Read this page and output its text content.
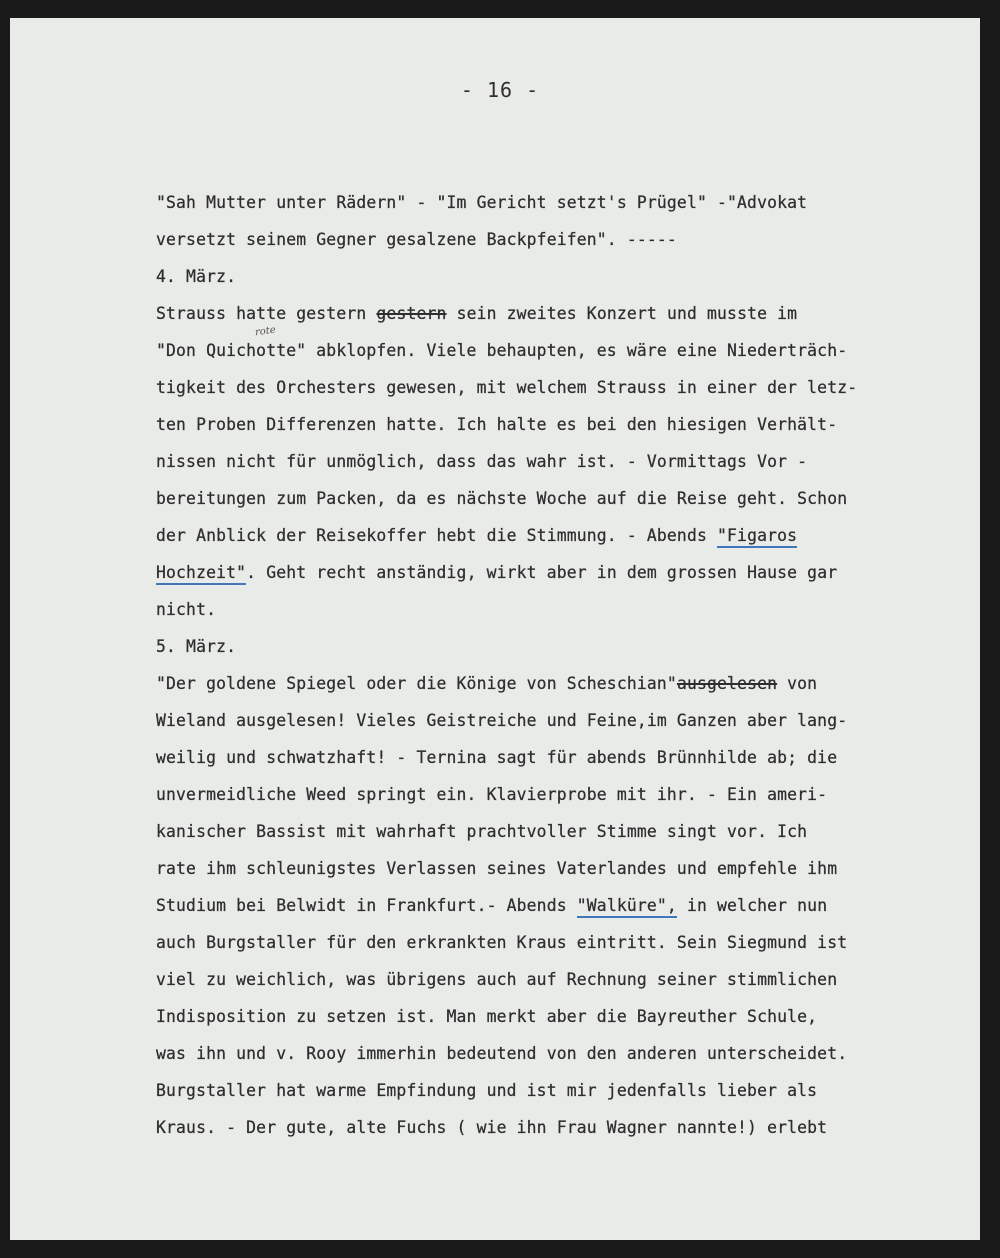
- 16 -
rote
"Sah Mutter unter Rädern" - "Im Gericht setzt's Prügel" -"Advokat
versetzt seinem Gegner gesalzene Backpfeifen". -----
4. März.
Strauss hatte gestern gestern sein zweites Konzert und musste im
"Don Quichotte" abklopfen. Viele behaupten, es wäre eine Niederträch-
tigkeit des Orchesters gewesen, mit welchem Strauss in einer der letz-
ten Proben Differenzen hatte. Ich halte es bei den hiesigen Verhält-
nissen nicht für unmöglich, dass das wahr ist. - Vormittags Vor -
bereitungen zum Packen, da es nächste Woche auf die Reise geht. Schon
der Anblick der Reisekoffer hebt die Stimmung. - Abends "Figaros
Hochzeit". Geht recht anständig, wirkt aber in dem grossen Hause gar
nicht.
5. März.
"Der goldene Spiegel oder die Könige von Scheschian"ausgelesen von
Wieland ausgelesen! Vieles Geistreiche und Feine,im Ganzen aber lang-
weilig und schwatzhaft! - Ternina sagt für abends Brünnhilde ab; die
unvermeidliche Weed springt ein. Klavierprobe mit ihr. - Ein ameri-
kanischer Bassist mit wahrhaft prachtvoller Stimme singt vor. Ich
rate ihm schleunigstes Verlassen seines Vaterlandes und empfehle ihm
Studium bei Belwidt in Frankfurt.- Abends "Walküre", in welcher nun
auch Burgstaller für den erkrankten Kraus eintritt. Sein Siegmund ist
viel zu weichlich, was übrigens auch auf Rechnung seiner stimmlichen
Indisposition zu setzen ist. Man merkt aber die Bayreuther Schule,
was ihn und v. Rooy immerhin bedeutend von den anderen unterscheidet.
Burgstaller hat warme Empfindung und ist mir jedenfalls lieber als
Kraus. - Der gute, alte Fuchs ( wie ihn Frau Wagner nannte!) erlebt
